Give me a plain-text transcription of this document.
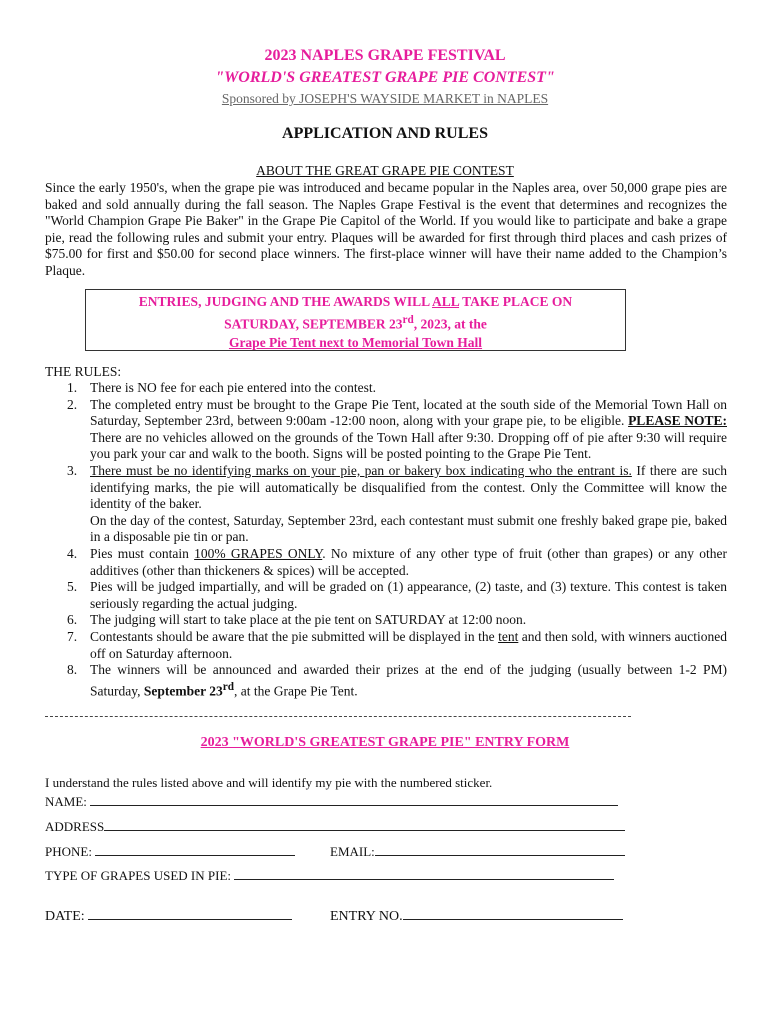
2023 NAPLES GRAPE FESTIVAL
"WORLD'S GREATEST GRAPE PIE CONTEST"
Sponsored by JOSEPH'S WAYSIDE MARKET in NAPLES
APPLICATION AND RULES
ABOUT THE GREAT GRAPE PIE CONTEST
Since the early 1950's, when the grape pie was introduced and became popular in the Naples area, over 50,000 grape pies are baked and sold annually during the fall season. The Naples Grape Festival is the event that determines and recognizes the "World Champion Grape Pie Baker" in the Grape Pie Capitol of the World. If you would like to participate and bake a grape pie, read the following rules and submit your entry. Plaques will be awarded for first through third places and cash prizes of $75.00 for first and $50.00 for second place winners. The first-place winner will have their name added to the Champion’s Plaque.
ENTRIES, JUDGING AND THE AWARDS WILL ALL TAKE PLACE ON
SATURDAY, SEPTEMBER 23rd, 2023, at the
Grape Pie Tent next to Memorial Town Hall
THE RULES:
1. There is NO fee for each pie entered into the contest.
2. The completed entry must be brought to the Grape Pie Tent, located at the south side of the Memorial Town Hall on Saturday, September 23rd, between 9:00am -12:00 noon, along with your grape pie, to be eligible. PLEASE NOTE: There are no vehicles allowed on the grounds of the Town Hall after 9:30. Dropping off of pie after 9:30 will require you park your car and walk to the booth. Signs will be posted pointing to the Grape Pie Tent.
3. There must be no identifying marks on your pie, pan or bakery box indicating who the entrant is. If there are such identifying marks, the pie will automatically be disqualified from the contest. Only the Committee will know the identity of the baker.
On the day of the contest, Saturday, September 23rd, each contestant must submit one freshly baked grape pie, baked in a disposable pie tin or pan.
4. Pies must contain 100% GRAPES ONLY. No mixture of any other type of fruit (other than grapes) or any other additives (other than thickeners & spices) will be accepted.
5. Pies will be judged impartially, and will be graded on (1) appearance, (2) taste, and (3) texture. This contest is taken seriously regarding the actual judging.
6. The judging will start to take place at the pie tent on SATURDAY at 12:00 noon.
7. Contestants should be aware that the pie submitted will be displayed in the tent and then sold, with winners auctioned off on Saturday afternoon.
8. The winners will be announced and awarded their prizes at the end of the judging (usually between 1-2 PM) Saturday, September 23rd, at the Grape Pie Tent.
2023 "WORLD'S GREATEST GRAPE PIE" ENTRY FORM
I understand the rules listed above and will identify my pie with the numbered sticker.
NAME:
ADDRESS
PHONE:	EMAIL:
TYPE OF GRAPES USED IN PIE:
DATE:	ENTRY NO.
